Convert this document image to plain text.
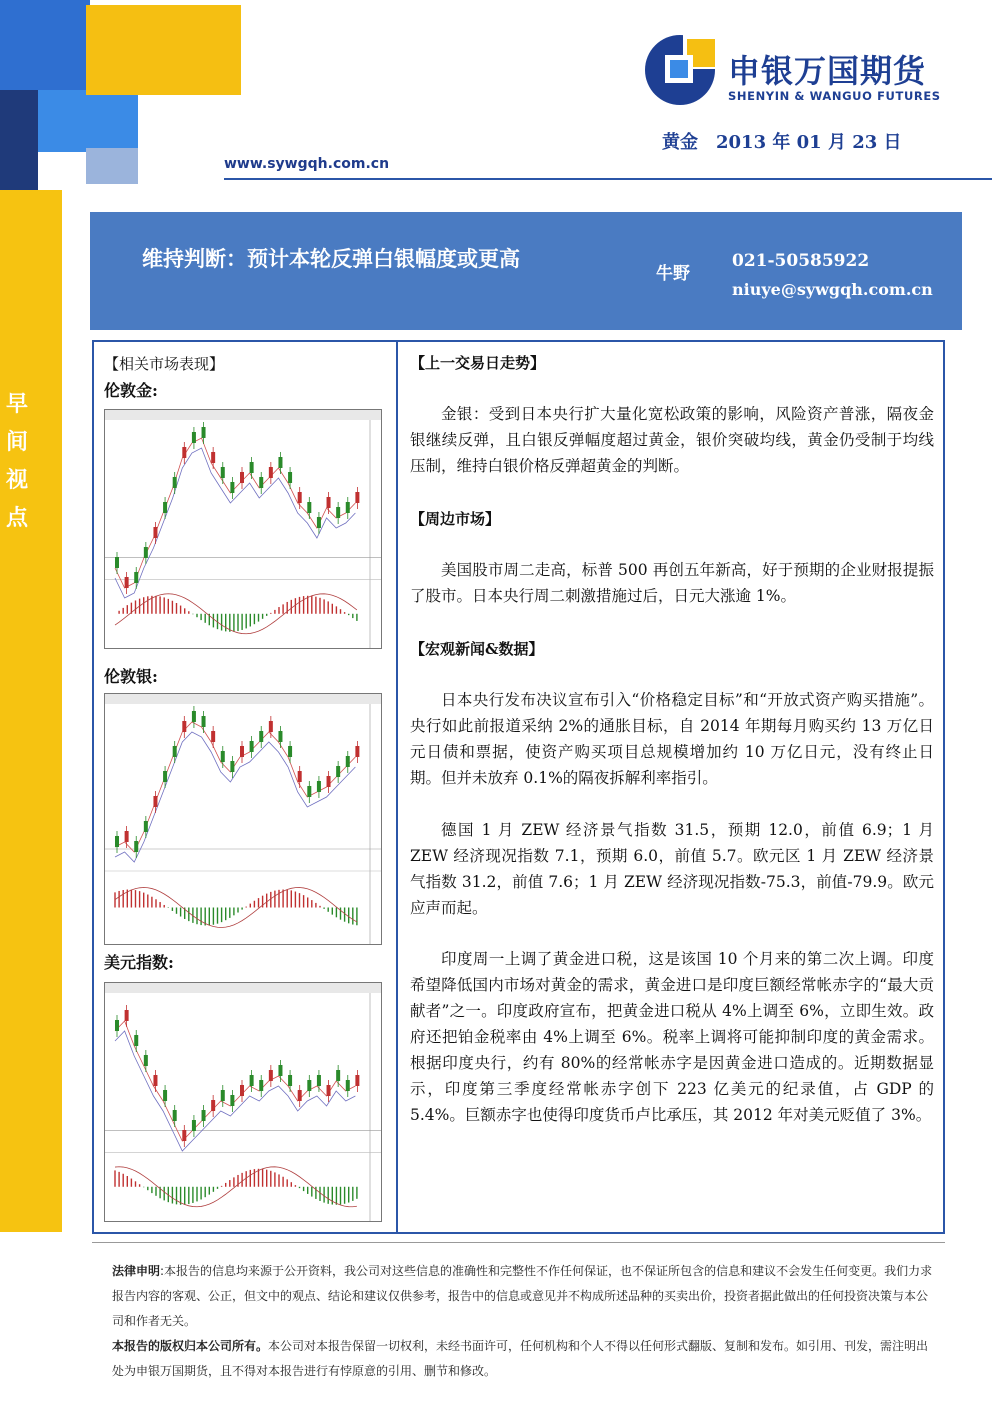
www.sywgqh.com.cn
申银万国期货
SHENYIN & WANGUO FUTURES
黄金　2013 年 01 月 23 日
早
间
视
点
维持判断：预计本轮反弹白银幅度或更高
牛野
021-50585922
niuye@sywgqh.com.cn
【相关市场表现】
伦敦金:
伦敦银:
美元指数:
【上一交易日走势】
金银：受到日本央行扩大量化宽松政策的影响，风险资产普涨，隔夜金银继续反弹，且白银反弹幅度超过黄金，银价突破均线，黄金仍受制于均线压制，维持白银价格反弹超黄金的判断。
【周边市场】
美国股市周二走高，标普 500 再创五年新高，好于预期的企业财报提振了股市。日本央行周二刺激措施过后，日元大涨逾 1%。
【宏观新闻&数据】
日本央行发布决议宣布引入“价格稳定目标”和“开放式资产购买措施”。央行如此前报道采纳 2%的通胀目标，自 2014 年期每月购买约 13 万亿日元日债和票据，使资产购买项目总规模增加约 10 万亿日元，没有终止日期。但并未放弃 0.1%的隔夜拆解利率指引。
德国 1 月 ZEW 经济景气指数 31.5，预期 12.0，前值 6.9；1 月 ZEW 经济现况指数 7.1，预期 6.0，前值 5.7。欧元区 1 月 ZEW 经济景气指数 31.2，前值 7.6；1 月 ZEW 经济现况指数-75.3，前值-79.9。欧元应声而起。
印度周一上调了黄金进口税，这是该国 10 个月来的第二次上调。印度希望降低国内市场对黄金的需求，黄金进口是印度巨额经常帐赤字的“最大贡献者”之一。印度政府宣布，把黄金进口税从 4%上调至 6%，立即生效。政府还把铂金税率由 4%上调至 6%。税率上调将可能抑制印度的黄金需求。根据印度央行，约有 80%的经常帐赤字是因黄金进口造成的。近期数据显示，印度第三季度经常帐赤字创下 223 亿美元的纪录值，占 GDP 的 5.4%。巨额赤字也使得印度货币卢比承压，其 2012 年对美元贬值了 3%。
法律申明:本报告的信息均来源于公开资料，我公司对这些信息的准确性和完整性不作任何保证，也不保证所包含的信息和建议不会发生任何变更。我们力求报告内容的客观、公正，但文中的观点、结论和建议仅供参考，报告中的信息或意见并不构成所述品种的买卖出价，投资者据此做出的任何投资决策与本公司和作者无关。
本报告的版权归本公司所有。本公司对本报告保留一切权利，未经书面许可，任何机构和个人不得以任何形式翻版、复制和发布。如引用、刊发，需注明出处为申银万国期货，且不得对本报告进行有悖原意的引用、删节和修改。
